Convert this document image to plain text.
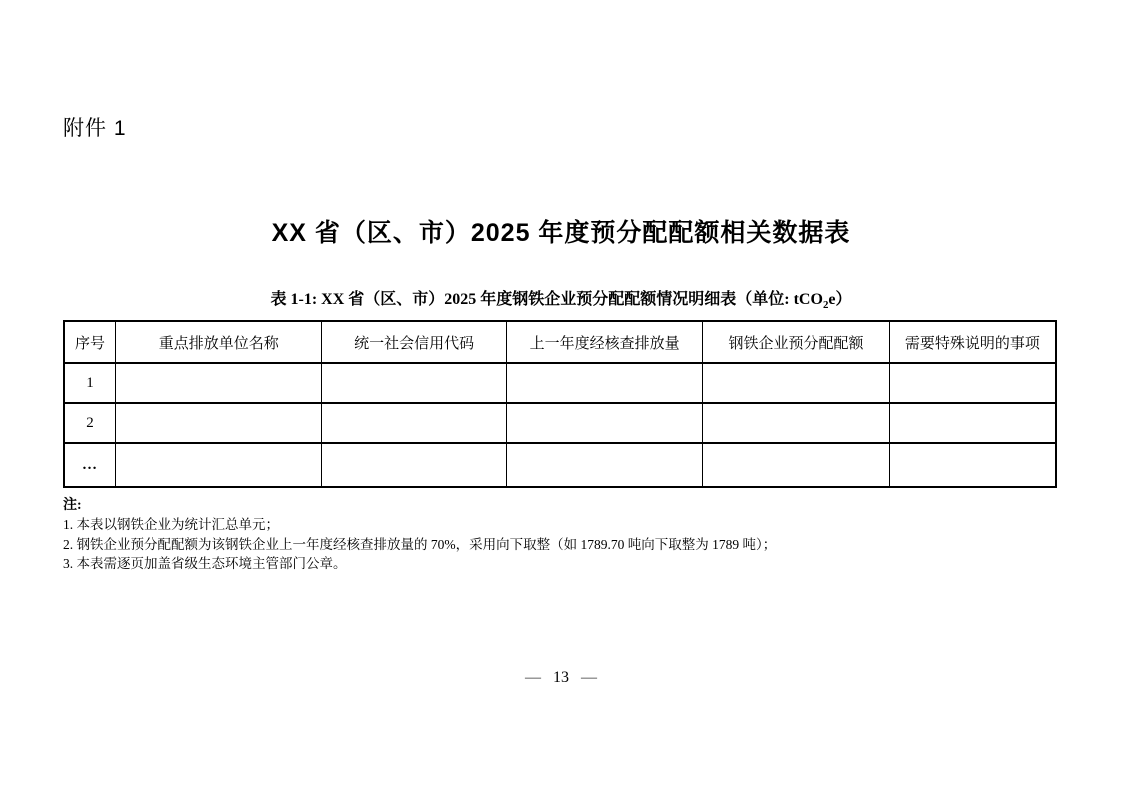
附件 1
XX 省（区、市）2025 年度预分配配额相关数据表
表 1-1: XX 省（区、市）2025 年度钢铁企业预分配配额情况明细表（单位: tCO$_2$e）
序号	重点排放单位名称	统一社会信用代码	上一年度经核查排放量	钢铁企业预分配配额	需要特殊说明的事项
1					
2					
…					
注:
1. 本表以钢铁企业为统计汇总单元；
2. 钢铁企业预分配配额为该钢铁企业上一年度经核查排放量的 70%，采用向下取整（如 1789.70 吨向下取整为 1789 吨）；
3. 本表需逐页加盖省级生态环境主管部门公章。
— 13 —
